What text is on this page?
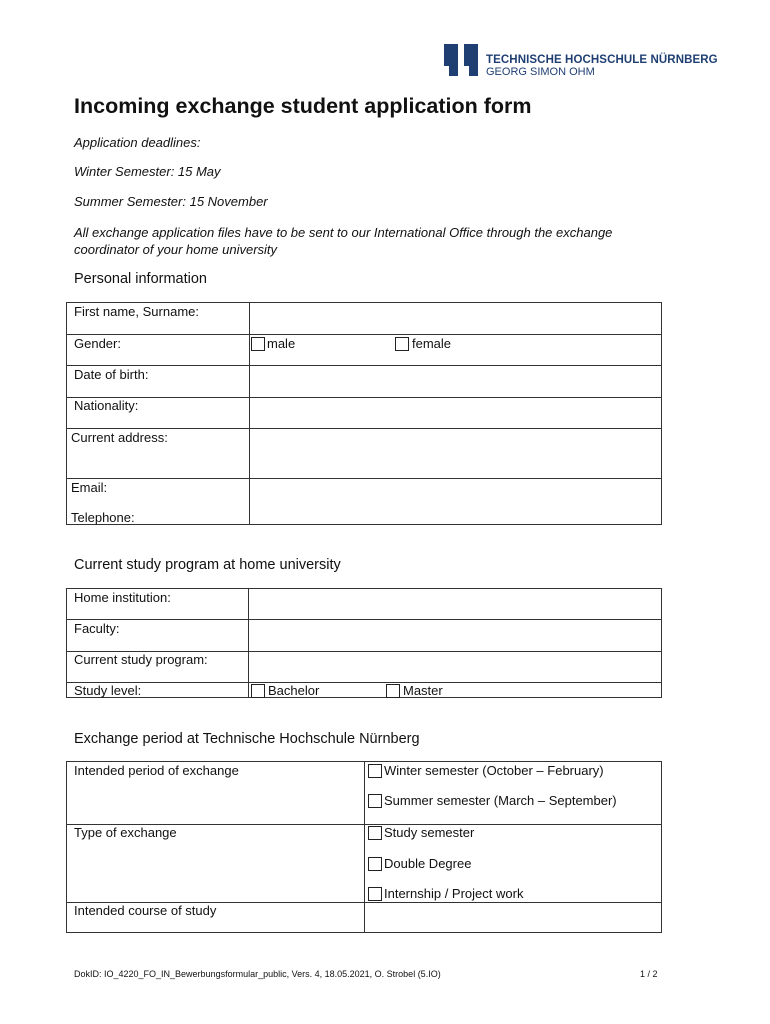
TECHNISCHE HOCHSCHULE NÜRNBERG
GEORG SIMON OHM
Incoming exchange student application form
Application deadlines:
Winter Semester: 15 May
Summer Semester: 15 November
All exchange application files have to be sent to our International Office through the exchange coordinator of your home university
Personal information
First name, Surname:
Gender:	male	female
Date of birth:
Nationality:
Current address:
Email:
Telephone:
Current study program at home university
Home institution:
Faculty:
Current study program:
Study level:	Bachelor	Master
Exchange period at Technische Hochschule Nürnberg
Intended period of exchange	Winter semester (October – February)
Summer semester (March – September)
Type of exchange	Study semester
Double Degree
Internship / Project work
Intended course of study
DokID: IO_4220_FO_IN_Bewerbungsformular_public, Vers. 4, 18.05.2021, O. Strobel (5.IO)	1 / 2
